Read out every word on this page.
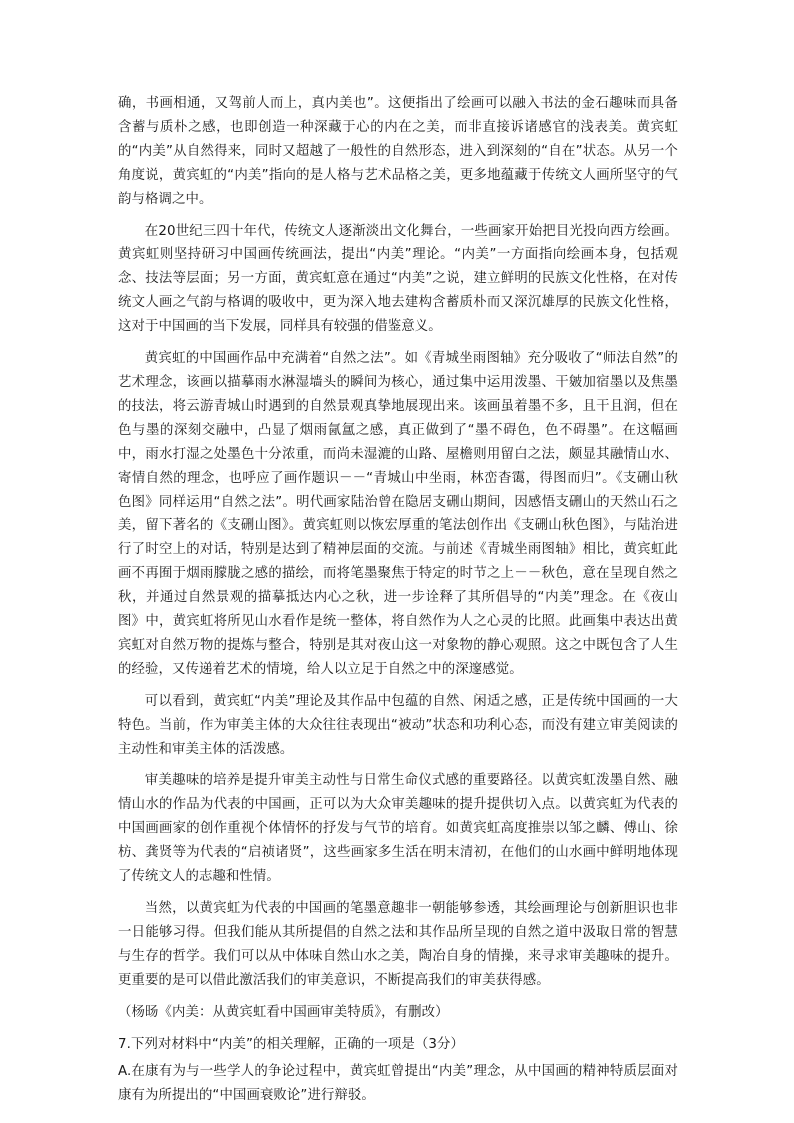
确，书画相通，又驾前人而上，真内美也”。这便指出了绘画可以融入书法的金石趣味而具备含蓄与质朴之感，也即创造一种深藏于心的内在之美，而非直接诉诸感官的浅表美。黄宾虹的“内美”从自然得来，同时又超越了一般性的自然形态，进入到深刻的“自在”状态。从另一个角度说，黄宾虹的“内美”指向的是人格与艺术品格之美，更多地蕴藏于传统文人画所坚守的气韵与格调之中。

在20世纪三四十年代，传统文人逐渐淡出文化舞台，一些画家开始把目光投向西方绘画。黄宾虹则坚持研习中国画传统画法，提出“内美”理论。“内美”一方面指向绘画本身，包括观念、技法等层面；另一方面，黄宾虹意在通过“内美”之说，建立鲜明的民族文化性格，在对传统文人画之气韵与格调的吸收中，更为深入地去建构含蓄质朴而又深沉雄厚的民族文化性格，这对于中国画的当下发展，同样具有较强的借鉴意义。

黄宾虹的中国画作品中充满着“自然之法”。如《青城坐雨图轴》充分吸收了“师法自然”的艺术理念，该画以描摹雨水淋湿墙头的瞬间为核心，通过集中运用泼墨、干皴加宿墨以及焦墨的技法，将云游青城山时遇到的自然景观真挚地展现出来。该画虽着墨不多，且干且润，但在色与墨的深刻交融中，凸显了烟雨氤氲之感，真正做到了“墨不碍色，色不碍墨”。在这幅画中，雨水打湿之处墨色十分浓重，而尚未湿漉的山路、屋檐则用留白之法，颇显其融情山水、寄情自然的理念，也呼应了画作题识－－“青城山中坐雨，林峦杳霭，得图而归”。《支硎山秋色图》同样运用“自然之法”。明代画家陆治曾在隐居支硎山期间，因感悟支硎山的天然山石之美，留下著名的《支硎山图》。黄宾虹则以恢宏厚重的笔法创作出《支硎山秋色图》，与陆治进行了时空上的对话，特别是达到了精神层面的交流。与前述《青城坐雨图轴》相比，黄宾虹此画不再囿于烟雨朦胧之感的描绘，而将笔墨聚焦于特定的时节之上－－秋色，意在呈现自然之秋，并通过自然景观的描摹抵达内心之秋，进一步诠释了其所倡导的“内美”理念。在《夜山图》中，黄宾虹将所见山水看作是统一整体，将自然作为人之心灵的比照。此画集中表达出黄宾虹对自然万物的提炼与整合，特别是其对夜山这一对象物的静心观照。这之中既包含了人生的经验，又传递着艺术的情境，给人以立足于自然之中的深邃感觉。

可以看到，黄宾虹“内美”理论及其作品中包蕴的自然、闲适之感，正是传统中国画的一大特色。当前，作为审美主体的大众往往表现出“被动”状态和功利心态，而没有建立审美阅读的主动性和审美主体的活泼感。

审美趣味的培养是提升审美主动性与日常生命仪式感的重要路径。以黄宾虹泼墨自然、融情山水的作品为代表的中国画，正可以为大众审美趣味的提升提供切入点。以黄宾虹为代表的中国画画家的创作重视个体情怀的抒发与气节的培育。如黄宾虹高度推崇以邹之麟、傅山、徐枋、龚贤等为代表的“启祯诸贤”，这些画家多生活在明末清初，在他们的山水画中鲜明地体现了传统文人的志趣和性情。

当然，以黄宾虹为代表的中国画的笔墨意趣非一朝能够参透，其绘画理论与创新胆识也非一日能够习得。但我们能从其所提倡的自然之法和其作品所呈现的自然之道中汲取日常的智慧与生存的哲学。我们可以从中体味自然山水之美，陶冶自身的情操，来寻求审美趣味的提升。更重要的是可以借此激活我们的审美意识，不断提高我们的审美获得感。

（杨旸《内美：从黄宾虹看中国画审美特质》，有删改）

7.下列对材料中“内美”的相关理解，正确的一项是（3分）

A.在康有为与一些学人的争论过程中，黄宾虹曾提出“内美”理念，从中国画的精神特质层面对康有为所提出的“中国画衰败论”进行辩驳。
